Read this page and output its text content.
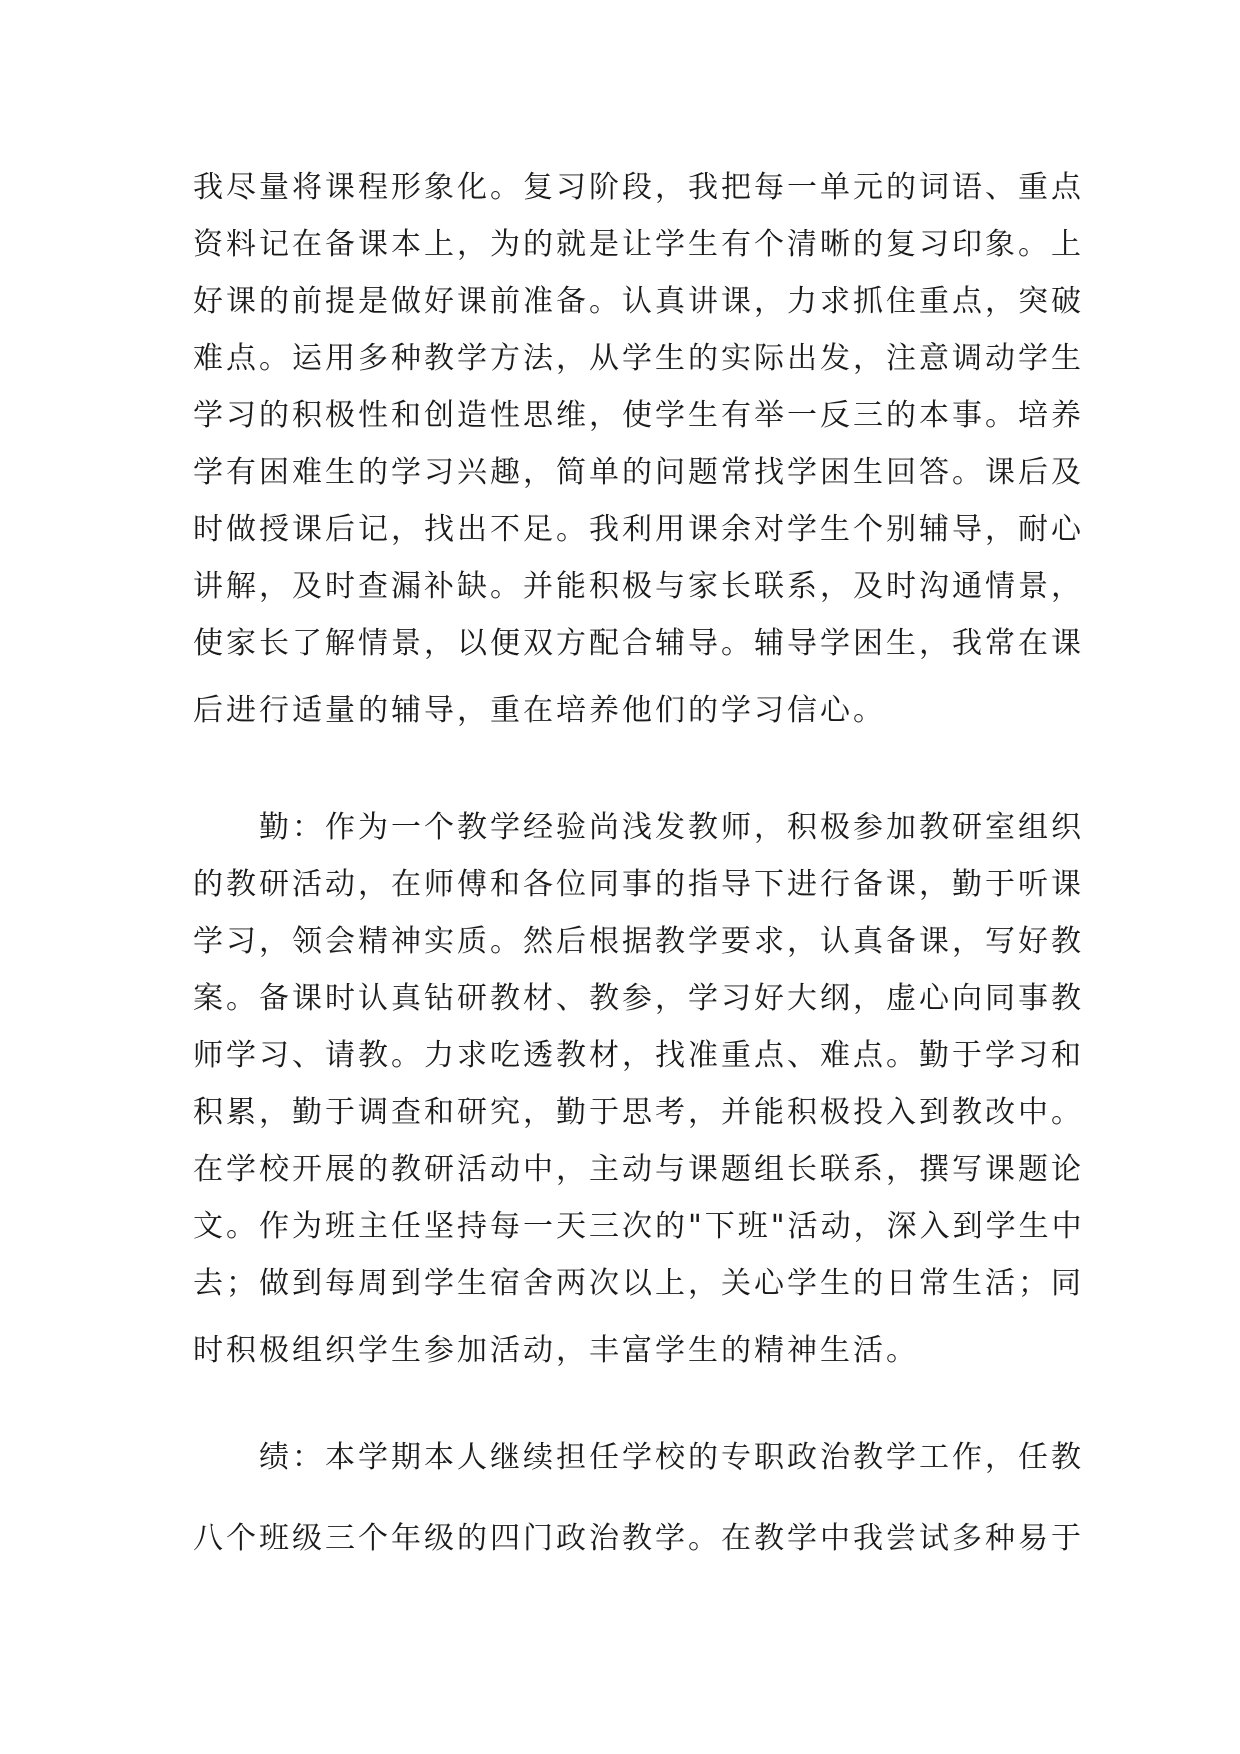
我尽量将课程形象化。复习阶段，我把每一单元的词语、重点
资料记在备课本上，为的就是让学生有个清晰的复习印象。上
好课的前提是做好课前准备。认真讲课，力求抓住重点，突破
难点。运用多种教学方法，从学生的实际出发，注意调动学生
学习的积极性和创造性思维，使学生有举一反三的本事。培养
学有困难生的学习兴趣，简单的问题常找学困生回答。课后及
时做授课后记，找出不足。我利用课余对学生个别辅导，耐心
讲解，及时查漏补缺。并能积极与家长联系，及时沟通情景，
使家长了解情景，以便双方配合辅导。辅导学困生，我常在课
后进行适量的辅导，重在培养他们的学习信心。
　　勤：作为一个教学经验尚浅发教师，积极参加教研室组织
的教研活动，在师傅和各位同事的指导下进行备课，勤于听课
学习，领会精神实质。然后根据教学要求，认真备课，写好教
案。备课时认真钻研教材、教参，学习好大纲，虚心向同事教
师学习、请教。力求吃透教材，找准重点、难点。勤于学习和
积累，勤于调查和研究，勤于思考，并能积极投入到教改中。
在学校开展的教研活动中，主动与课题组长联系，撰写课题论
文。作为班主任坚持每一天三次的"下班"活动，深入到学生中
去；做到每周到学生宿舍两次以上，关心学生的日常生活；同
时积极组织学生参加活动，丰富学生的精神生活。
　　绩：本学期本人继续担任学校的专职政治教学工作，任教
八个班级三个年级的四门政治教学。在教学中我尝试多种易于
